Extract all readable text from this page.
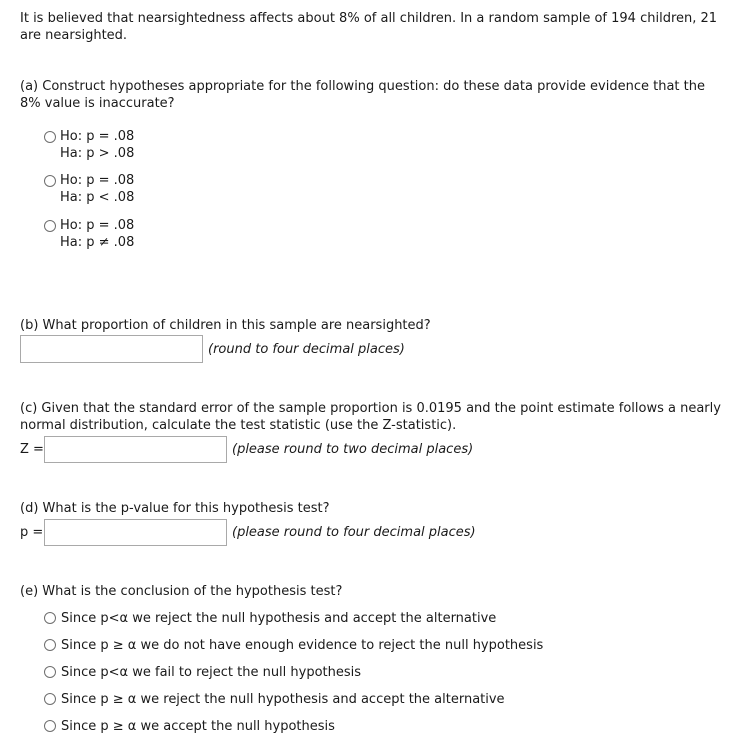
It is believed that nearsightedness affects about 8% of all children. In a random sample of 194 children, 21 are nearsighted.

(a) Construct hypotheses appropriate for the following question: do these data provide evidence that the 8% value is inaccurate?

Ho: p = .08
Ha: p > .08
Ho: p = .08
Ha: p < .08
Ho: p = .08
Ha: p ≠ .08
(b) What proportion of children in this sample are nearsighted?
(round to four decimal places)

(c) Given that the standard error of the sample proportion is 0.0195 and the point estimate follows a nearly normal distribution, calculate the test statistic (use the Z-statistic).

Z =	(please round to two decimal places)
(d) What is the p-value for this hypothesis test?
p =	(please round to four decimal places)
(e) What is the conclusion of the hypothesis test?
Since p<α we reject the null hypothesis and accept the alternative
Since p ≥ α we do not have enough evidence to reject the null hypothesis
Since p<α we fail to reject the null hypothesis
Since p ≥ α we reject the null hypothesis and accept the alternative
Since p ≥ α we accept the null hypothesis
